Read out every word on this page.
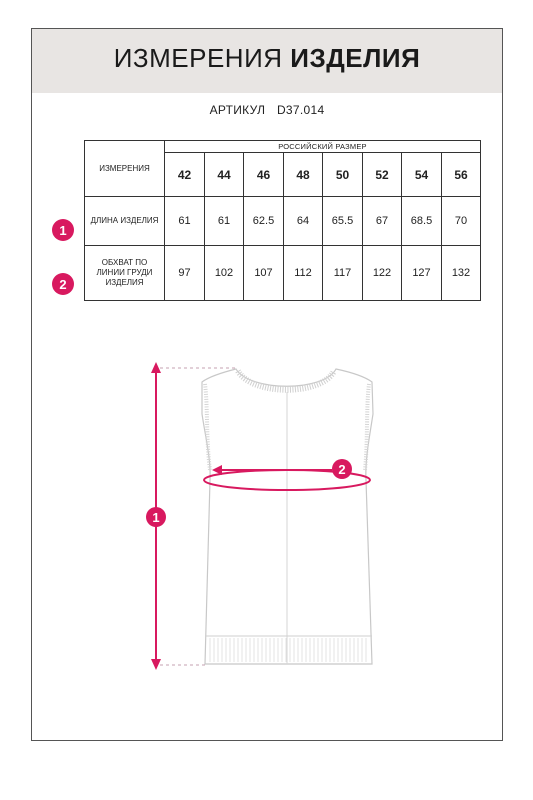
ИЗМЕРЕНИЯ ИЗДЕЛИЯ
АРТИКУЛ D37.014
ИЗМЕРЕНИЯ	РОССИЙСКИЙ РАЗМЕР							
	42	44	46	48	50	52	54	56
ДЛИНА ИЗДЕЛИЯ	61	61	62.5	64	65.5	67	68.5	70
ОБХВАТ ПО ЛИНИИ ГРУДИ ИЗДЕЛИЯ	97	102	107	112	117	122	127	132
1
2
1
2
